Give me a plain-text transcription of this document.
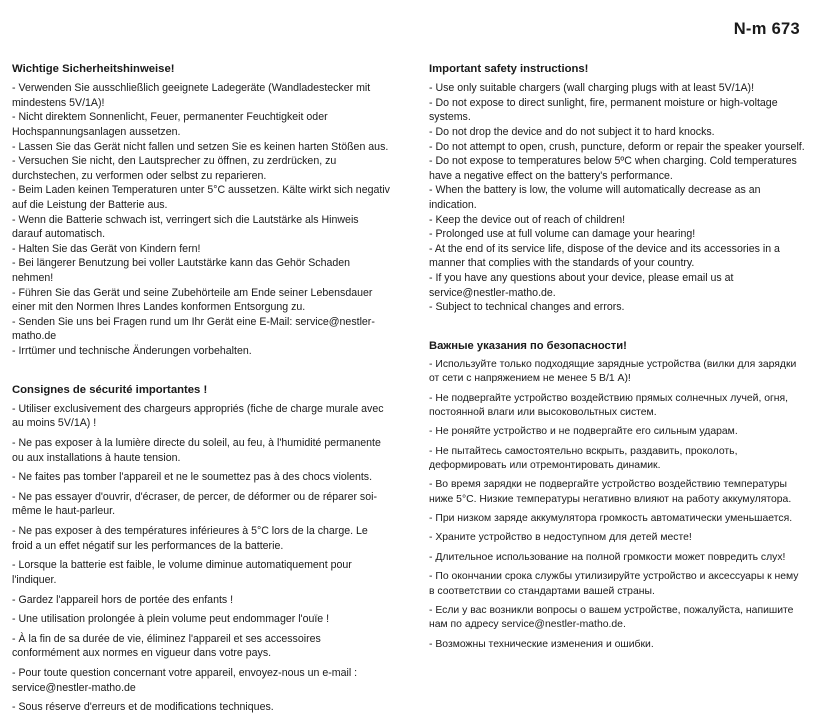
N-m 673
Wichtige Sicherheitshinweise!
- Verwenden Sie ausschließlich geeignete Ladegeräte (Wandladestecker mit mindestens 5V/1A)!
- Nicht direktem Sonnenlicht, Feuer, permanenter Feuchtigkeit oder Hochspannungsanlagen aussetzen.
- Lassen Sie das Gerät nicht fallen und setzen Sie es keinen harten Stößen aus.
- Versuchen Sie nicht, den Lautsprecher zu öffnen, zu zerdrücken, zu durchstechen, zu verformen oder selbst zu reparieren.
- Beim Laden keinen Temperaturen unter 5°C aussetzen. Kälte wirkt sich negativ auf die Leistung der Batterie aus.
- Wenn die Batterie schwach ist, verringert sich die Lautstärke als Hinweis darauf automatisch.
- Halten Sie das Gerät von Kindern fern!
- Bei längerer Benutzung bei voller Lautstärke kann das Gehör Schaden nehmen!
- Führen Sie das Gerät und seine Zubehörteile am Ende seiner Lebensdauer einer mit den Normen Ihres Landes konformen Entsorgung zu.
- Senden Sie uns bei Fragen rund um Ihr Gerät eine E-Mail: service@nestler-matho.de
- Irrtümer und technische Änderungen vorbehalten.
Consignes de sécurité importantes !
- Utiliser exclusivement des chargeurs appropriés (fiche de charge murale avec au moins 5V/1A) !
- Ne pas exposer à la lumière directe du soleil, au feu, à l'humidité permanente ou aux installations à haute tension.
- Ne faites pas tomber l'appareil et ne le soumettez pas à des chocs violents.
- Ne pas essayer d'ouvrir, d'écraser, de percer, de déformer ou de réparer soi-même le haut-parleur.
- Ne pas exposer à des températures inférieures à 5°C lors de la charge. Le froid a un effet négatif sur les performances de la batterie.
- Lorsque la batterie est faible, le volume diminue automatiquement pour l'indiquer.
- Gardez l'appareil hors de portée des enfants !
- Une utilisation prolongée à plein volume peut endommager l'ouïe !
- À la fin de sa durée de vie, éliminez l'appareil et ses accessoires conformément aux normes en vigueur dans votre pays.
- Pour toute question concernant votre appareil, envoyez-nous un e-mail : service@nestler-matho.de
- Sous réserve d'erreurs et de modifications techniques.
Important safety instructions!
- Use only suitable chargers (wall charging plugs with at least 5V/1A)!
- Do not expose to direct sunlight, fire, permanent moisture or high-voltage systems.
- Do not drop the device and do not subject it to hard knocks.
- Do not attempt to open, crush, puncture, deform or repair the speaker yourself.
- Do not expose to temperatures below 5ºC when charging. Cold temperatures have a negative effect on the battery's performance.
- When the battery is low, the volume will automatically decrease as an indication.
- Keep the device out of reach of children!
- Prolonged use at full volume can damage your hearing!
- At the end of its service life, dispose of the device and its accessories in a manner that complies with the standards of your country.
- If you have any questions about your device, please email us at service@nestler-matho.de.
- Subject to technical changes and errors.
Важные указания по безопасности!
- Используйте только подходящие зарядные устройства (вилки для зарядки от сети с напряжением не менее 5 В/1 А)!
- Не подвергайте устройство воздействию прямых солнечных лучей, огня, постоянной влаги или высоковольтных систем.
- Не роняйте устройство и не подвергайте его сильным ударам.
- Не пытайтесь самостоятельно вскрыть, раздавить, проколоть, деформировать или отремонтировать динамик.
- Во время зарядки не подвергайте устройство воздействию температуры ниже 5°С. Низкие температуры негативно влияют на работу аккумулятора.
- При низком заряде аккумулятора громкость автоматически уменьшается.
- Храните устройство в недоступном для детей месте!
- Длительное использование на полной громкости может повредить слух!
- По окончании срока службы утилизируйте устройство и аксессуары к нему в соответствии со стандартами вашей страны.
- Если у вас возникли вопросы о вашем устройстве, пожалуйста, напишите нам по адресу service@nestler-matho.de.
- Возможны технические изменения и ошибки.
